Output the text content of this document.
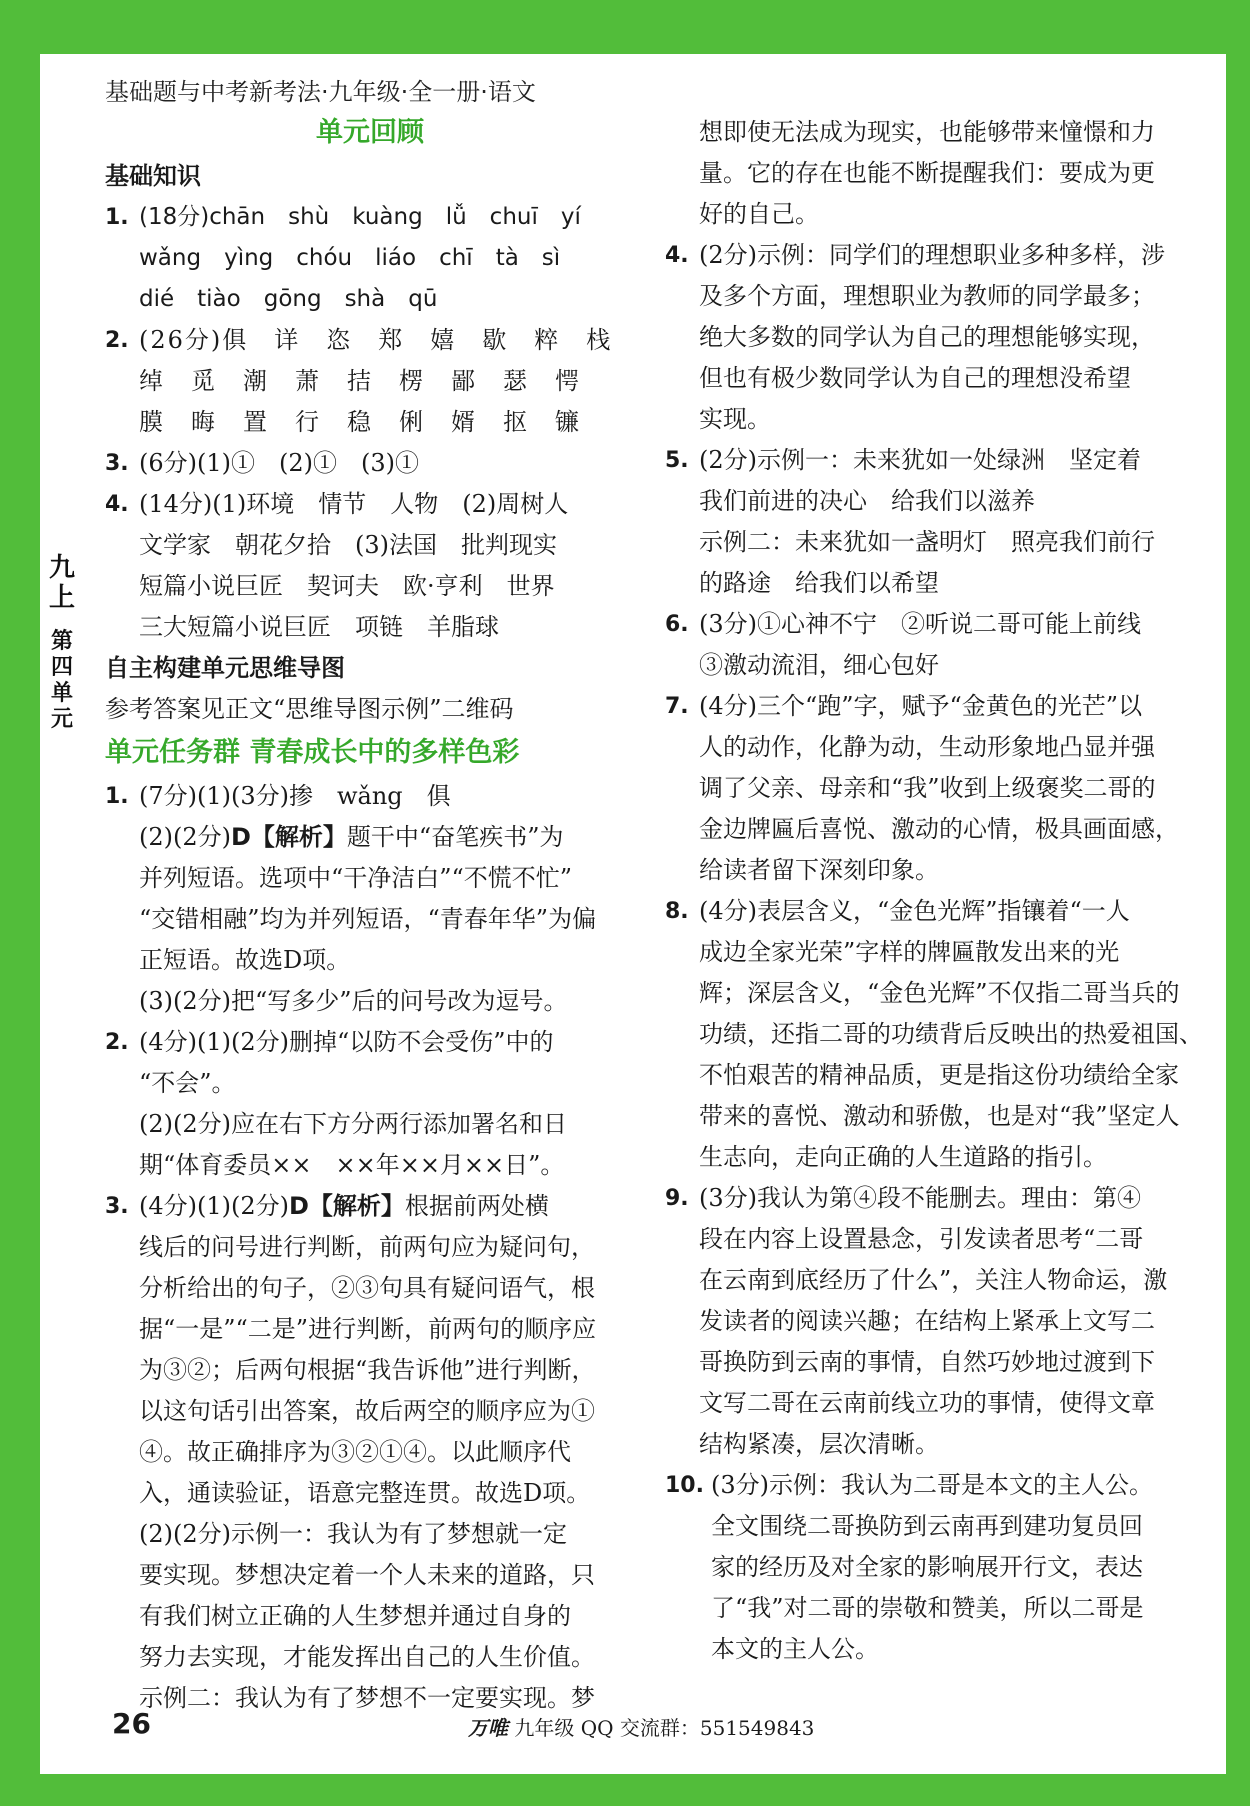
基础题与中考新考法·九年级·全一册·语文
九
上
第
四
单
元
单元回顾
基础知识
1. (18分)chān　shù　kuàng　lǚ　chuī　yí
wǎng　yìng　chóu　liáo　chī　tà　sì
dié　tiào　gōng　shà　qū
2. (26分)俱　详　恣　郑　嬉　歇　粹　栈
绰　觅　潮　萧　拮　楞　鄙　瑟　愕
膜　晦　置　行　稳　俐　婿　抠　镰
3. (6分)(1)①　(2)①　(3)①
4. (14分)(1)环境　情节　人物　(2)周树人
文学家　朝花夕拾　(3)法国　批判现实
短篇小说巨匠　契诃夫　欧·亨利　世界
三大短篇小说巨匠　项链　羊脂球
自主构建单元思维导图
参考答案见正文“思维导图示例”二维码
单元任务群 青春成长中的多样色彩
1. (7分)(1)(3分)掺　wǎng　俱
(2)(2分)D【解析】题干中“奋笔疾书”为
并列短语。选项中“干净洁白”“不慌不忙”
“交错相融”均为并列短语，“青春年华”为偏
正短语。故选D项。
(3)(2分)把“写多少”后的问号改为逗号。
2. (4分)(1)(2分)删掉“以防不会受伤”中的
“不会”。
(2)(2分)应在右下方分两行添加署名和日
期“体育委员××　××年××月××日”。
3. (4分)(1)(2分)D【解析】根据前两处横
线后的问号进行判断，前两句应为疑问句，
分析给出的句子，②③句具有疑问语气，根
据“一是”“二是”进行判断，前两句的顺序应
为③②；后两句根据“我告诉他”进行判断，
以这句话引出答案，故后两空的顺序应为①
④。故正确排序为③②①④。以此顺序代
入，通读验证，语意完整连贯。故选D项。
(2)(2分)示例一：我认为有了梦想就一定
要实现。梦想决定着一个人未来的道路，只
有我们树立正确的人生梦想并通过自身的
努力去实现，才能发挥出自己的人生价值。
示例二：我认为有了梦想不一定要实现。梦
想即使无法成为现实，也能够带来憧憬和力
量。它的存在也能不断提醒我们：要成为更
好的自己。
4. (2分)示例：同学们的理想职业多种多样，涉
及多个方面，理想职业为教师的同学最多；
绝大多数的同学认为自己的理想能够实现，
但也有极少数同学认为自己的理想没希望
实现。
5. (2分)示例一：未来犹如一处绿洲　坚定着
我们前进的决心　给我们以滋养
示例二：未来犹如一盏明灯　照亮我们前行
的路途　给我们以希望
6. (3分)①心神不宁　②听说二哥可能上前线
③激动流泪，细心包好
7. (4分)三个“跑”字，赋予“金黄色的光芒”以
人的动作，化静为动，生动形象地凸显并强
调了父亲、母亲和“我”收到上级褒奖二哥的
金边牌匾后喜悦、激动的心情，极具画面感，
给读者留下深刻印象。
8. (4分)表层含义，“金色光辉”指镶着“一人
成边全家光荣”字样的牌匾散发出来的光
辉；深层含义，“金色光辉”不仅指二哥当兵的
功绩，还指二哥的功绩背后反映出的热爱祖国、
不怕艰苦的精神品质，更是指这份功绩给全家
带来的喜悦、激动和骄傲，也是对“我”坚定人
生志向，走向正确的人生道路的指引。
9. (3分)我认为第④段不能删去。理由：第④
段在内容上设置悬念，引发读者思考“二哥
在云南到底经历了什么”，关注人物命运，激
发读者的阅读兴趣；在结构上紧承上文写二
哥换防到云南的事情，自然巧妙地过渡到下
文写二哥在云南前线立功的事情，使得文章
结构紧凑，层次清晰。
10. (3分)示例：我认为二哥是本文的主人公。
全文围绕二哥换防到云南再到建功复员回
家的经历及对全家的影响展开行文，表达
了“我”对二哥的崇敬和赞美，所以二哥是
本文的主人公。
26	万唯 九年级 QQ 交流群：551549843
